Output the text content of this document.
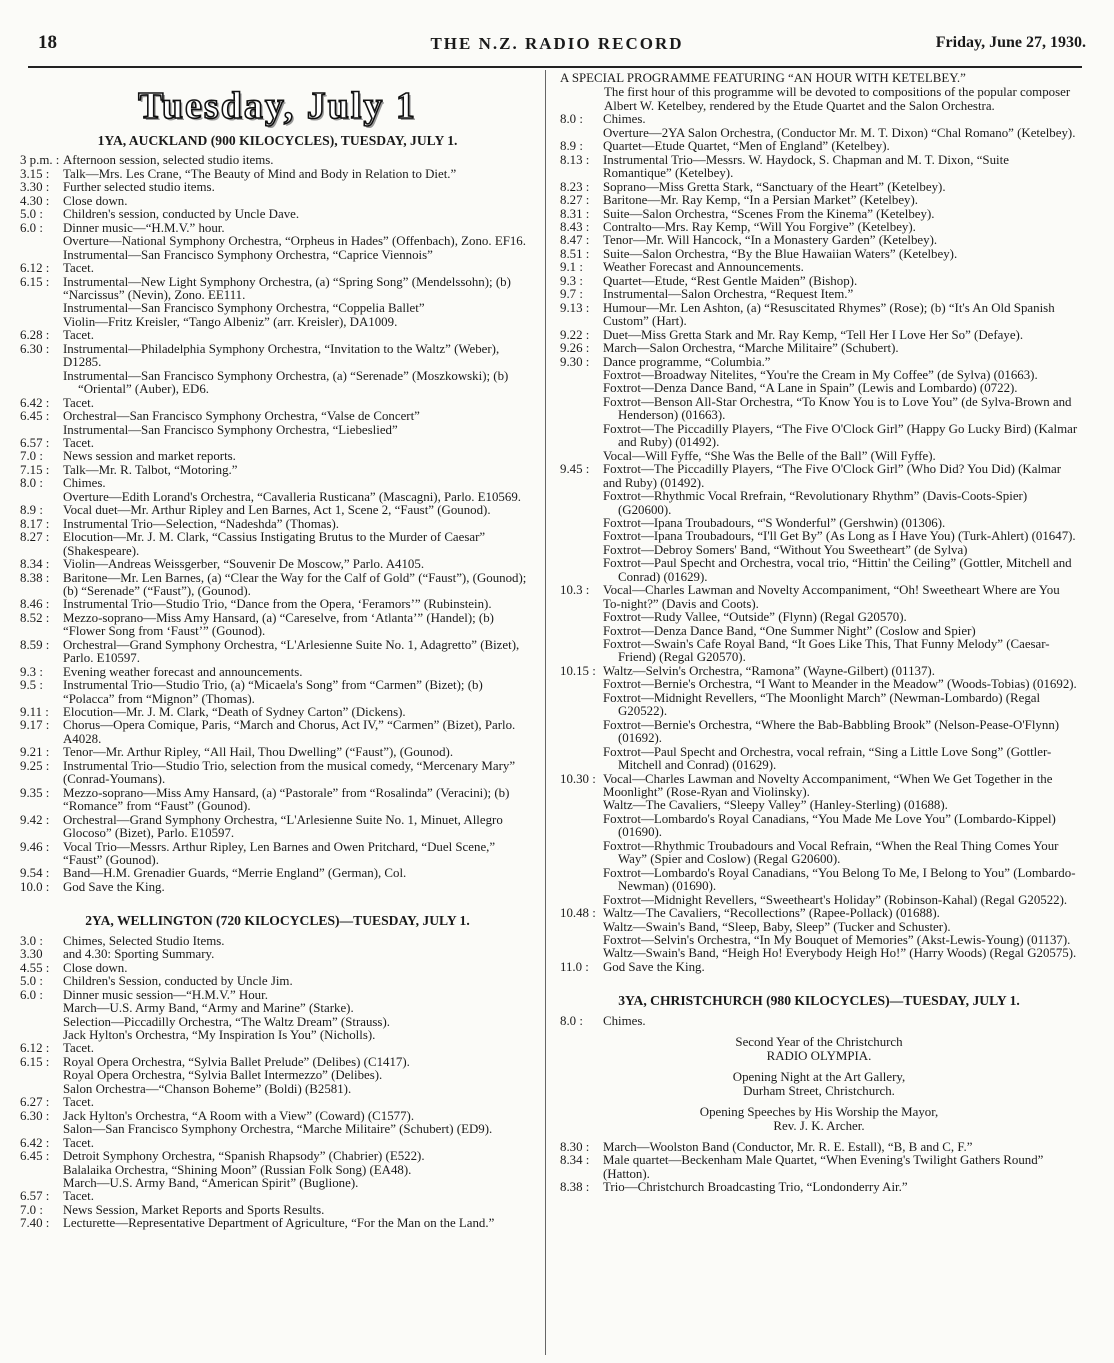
18	THE N.Z. RADIO RECORD	Friday, June 27, 1930.
Tuesday, July 1
1YA, AUCKLAND (900 KILOCYCLES), TUESDAY, JULY 1.
3 p.m. : Afternoon session, selected studio items.
3.15 : Talk—Mrs. Les Crane, “The Beauty of Mind and Body in Relation to Diet.”
3.30 : Further selected studio items.
4.30 : Close down.
5.0 : Children's session, conducted by Uncle Dave.
6.0 : Dinner music—“H.M.V.” hour.
Overture—National Symphony Orchestra, “Orpheus in Hades” (Offenbach), Zono. EF16.
Instrumental—San Francisco Symphony Orchestra, “Caprice Viennois”
6.12 : Tacet.
6.15 : Instrumental—New Light Symphony Orchestra, (a) “Spring Song” (Mendelssohn); (b) “Narcissus” (Nevin), Zono. EE111.
Instrumental—San Francisco Symphony Orchestra, “Coppelia Ballet”
Violin—Fritz Kreisler, “Tango Albeniz” (arr. Kreisler), DA1009.
6.28 : Tacet.
6.30 : Instrumental—Philadelphia Symphony Orchestra, “Invitation to the Waltz” (Weber), D1285.
Instrumental—San Francisco Symphony Orchestra, (a) “Serenade” (Moszkowski); (b) “Oriental” (Auber), ED6.
6.42 : Tacet.
6.45 : Orchestral—San Francisco Symphony Orchestra, “Valse de Concert”
Instrumental—San Francisco Symphony Orchestra, “Liebeslied”
6.57 : Tacet.
7.0 : News session and market reports.
7.15 : Talk—Mr. R. Talbot, “Motoring.”
8.0 : Chimes.
Overture—Edith Lorand's Orchestra, “Cavalleria Rusticana” (Mascagni), Parlo. E10569.
8.9 : Vocal duet—Mr. Arthur Ripley and Len Barnes, Act 1, Scene 2, “Faust” (Gounod).
8.17 : Instrumental Trio—Selection, “Nadeshda” (Thomas).
8.27 : Elocution—Mr. J. M. Clark, “Cassius Instigating Brutus to the Murder of Caesar” (Shakespeare).
8.34 : Violin—Andreas Weissgerber, “Souvenir De Moscow,” Parlo. A4105.
8.38 : Baritone—Mr. Len Barnes, (a) “Clear the Way for the Calf of Gold” (“Faust”), (Gounod); (b) “Serenade” (“Faust”), (Gounod).
8.46 : Instrumental Trio—Studio Trio, “Dance from the Opera, ‘Feramors’” (Rubinstein).
8.52 : Mezzo-soprano—Miss Amy Hansard, (a) “Careselve, from ‘Atlanta’” (Handel); (b) “Flower Song from ‘Faust’” (Gounod).
8.59 : Orchestral—Grand Symphony Orchestra, “L'Arlesienne Suite No. 1, Adagretto” (Bizet), Parlo. E10597.
9.3 : Evening weather forecast and announcements.
9.5 : Instrumental Trio—Studio Trio, (a) “Micaela's Song” from “Carmen” (Bizet); (b) “Polacca” from “Mignon” (Thomas).
9.11 : Elocution—Mr. J. M. Clark, “Death of Sydney Carton” (Dickens).
9.17 : Chorus—Opera Comique, Paris, “March and Chorus, Act IV,” “Carmen” (Bizet), Parlo. A4028.
9.21 : Tenor—Mr. Arthur Ripley, “All Hail, Thou Dwelling” (“Faust”), (Gounod).
9.25 : Instrumental Trio—Studio Trio, selection from the musical comedy, “Mercenary Mary” (Conrad-Youmans).
9.35 : Mezzo-soprano—Miss Amy Hansard, (a) “Pastorale” from “Rosalinda” (Veracini); (b) “Romance” from “Faust” (Gounod).
9.42 : Orchestral—Grand Symphony Orchestra, “L'Arlesienne Suite No. 1, Minuet, Allegro Glocoso” (Bizet), Parlo. E10597.
9.46 : Vocal Trio—Messrs. Arthur Ripley, Len Barnes and Owen Pritchard, “Duel Scene,” “Faust” (Gounod).
9.54 : Band—H.M. Grenadier Guards, “Merrie England” (German), Col.
10.0 : God Save the King.
2YA, WELLINGTON (720 KILOCYCLES)—TUESDAY, JULY 1.
3.0 : Chimes, Selected Studio Items.
3.30 and 4.30: Sporting Summary.
4.55 : Close down.
5.0 : Children's Session, conducted by Uncle Jim.
6.0 : Dinner music session—“H.M.V.” Hour.
March—U.S. Army Band, “Army and Marine” (Starke).
Selection—Piccadilly Orchestra, “The Waltz Dream” (Strauss).
Jack Hylton's Orchestra, “My Inspiration Is You” (Nicholls).
6.12 : Tacet.
6.15 : Royal Opera Orchestra, “Sylvia Ballet Prelude” (Delibes) (C1417).
Royal Opera Orchestra, “Sylvia Ballet Intermezzo” (Delibes).
Salon Orchestra—“Chanson Boheme” (Boldi) (B2581).
6.27 : Tacet.
6.30 : Jack Hylton's Orchestra, “A Room with a View” (Coward) (C1577).
Salon—San Francisco Symphony Orchestra, “Marche Militaire” (Schubert) (ED9).
6.42 : Tacet.
6.45 : Detroit Symphony Orchestra, “Spanish Rhapsody” (Chabrier) (E522).
Balalaika Orchestra, “Shining Moon” (Russian Folk Song) (EA48).
March—U.S. Army Band, “American Spirit” (Buglione).
6.57 : Tacet.
7.0 : News Session, Market Reports and Sports Results.
7.40 : Lecturette—Representative Department of Agriculture, “For the Man on the Land.”
A SPECIAL PROGRAMME FEATURING “AN HOUR WITH KETELBEY.”
The first hour of this programme will be devoted to compositions of the popular composer Albert W. Ketelbey, rendered by the Etude Quartet and the Salon Orchestra.
8.0 : Chimes.
Overture—2YA Salon Orchestra, (Conductor Mr. M. T. Dixon) “Chal Romano” (Ketelbey).
8.9 : Quartet—Etude Quartet, “Men of England” (Ketelbey).
8.13 : Instrumental Trio—Messrs. W. Haydock, S. Chapman and M. T. Dixon, “Suite Romantique” (Ketelbey).
8.23 : Soprano—Miss Gretta Stark, “Sanctuary of the Heart” (Ketelbey).
8.27 : Baritone—Mr. Ray Kemp, “In a Persian Market” (Ketelbey).
8.31 : Suite—Salon Orchestra, “Scenes From the Kinema” (Ketelbey).
8.43 : Contralto—Mrs. Ray Kemp, “Will You Forgive” (Ketelbey).
8.47 : Tenor—Mr. Will Hancock, “In a Monastery Garden” (Ketelbey).
8.51 : Suite—Salon Orchestra, “By the Blue Hawaiian Waters” (Ketelbey).
9.1 : Weather Forecast and Announcements.
9.3 : Quartet—Etude, “Rest Gentle Maiden” (Bishop).
9.7 : Instrumental—Salon Orchestra, “Request Item.”
9.13 : Humour—Mr. Len Ashton, (a) “Resuscitated Rhymes” (Rose); (b) “It's An Old Spanish Custom” (Hart).
9.22 : Duet—Miss Gretta Stark and Mr. Ray Kemp, “Tell Her I Love Her So” (Defaye).
9.26 : March—Salon Orchestra, “Marche Militaire” (Schubert).
9.30 : Dance programme, “Columbia.”
Foxtrot—Broadway Nitelites, “You're the Cream in My Coffee” (de Sylva) (01663).
Foxtrot—Denza Dance Band, “A Lane in Spain” (Lewis and Lombardo) (0722).
Foxtrot—Benson All-Star Orchestra, “To Know You is to Love You” (de Sylva-Brown and Henderson) (01663).
Foxtrot—The Piccadilly Players, “The Five O'Clock Girl” (Happy Go Lucky Bird) (Kalmar and Ruby) (01492).
Vocal—Will Fyffe, “She Was the Belle of the Ball” (Will Fyffe).
9.45 : Foxtrot—The Piccadilly Players, “The Five O'Clock Girl” (Who Did? You Did) (Kalmar and Ruby) (01492).
Foxtrot—Rhythmic Vocal Rrefrain, “Revolutionary Rhythm” (Davis-Coots-Spier) (G20600).
Foxtrot—Ipana Troubadours, “'S Wonderful” (Gershwin) (01306).
Foxtrot—Ipana Troubadours, “I'll Get By” (As Long as I Have You) (Turk-Ahlert) (01647).
Foxtrot—Debroy Somers' Band, “Without You Sweetheart” (de Sylva)
Foxtrot—Paul Specht and Orchestra, vocal trio, “Hittin' the Ceiling” (Gottler, Mitchell and Conrad) (01629).
10.3 : Vocal—Charles Lawman and Novelty Accompaniment, “Oh! Sweetheart Where are You To-night?” (Davis and Coots).
Foxtrot—Rudy Vallee, “Outside” (Flynn) (Regal G20570).
Foxtrot—Denza Dance Band, “One Summer Night” (Coslow and Spier)
Foxtrot—Swain's Cafe Royal Band, “It Goes Like This, That Funny Melody” (Caesar-Friend) (Regal G20570).
10.15 : Waltz—Selvin's Orchestra, “Ramona” (Wayne-Gilbert) (01137).
Foxtrot—Bernie's Orchestra, “I Want to Meander in the Meadow” (Woods-Tobias) (01692).
Foxtrot—Midnight Revellers, “The Moonlight March” (Newman-Lombardo) (Regal G20522).
Foxtrot—Bernie's Orchestra, “Where the Bab-Babbling Brook” (Nelson-Pease-O'Flynn) (01692).
Foxtrot—Paul Specht and Orchestra, vocal refrain, “Sing a Little Love Song” (Gottler-Mitchell and Conrad) (01629).
10.30 : Vocal—Charles Lawman and Novelty Accompaniment, “When We Get Together in the Moonlight” (Rose-Ryan and Violinsky).
Waltz—The Cavaliers, “Sleepy Valley” (Hanley-Sterling) (01688).
Foxtrot—Lombardo's Royal Canadians, “You Made Me Love You” (Lombardo-Kippel) (01690).
Foxtrot—Rhythmic Troubadours and Vocal Refrain, “When the Real Thing Comes Your Way” (Spier and Coslow) (Regal G20600).
Foxtrot—Lombardo's Royal Canadians, “You Belong To Me, I Belong to You” (Lombardo-Newman) (01690).
Foxtrot—Midnight Revellers, “Sweetheart's Holiday” (Robinson-Kahal) (Regal G20522).
10.48 : Waltz—The Cavaliers, “Recollections” (Rapee-Pollack) (01688).
Waltz—Swain's Band, “Sleep, Baby, Sleep” (Tucker and Schuster).
Foxtrot—Selvin's Orchestra, “In My Bouquet of Memories” (Akst-Lewis-Young) (01137).
Waltz—Swain's Band, “Heigh Ho! Everybody Heigh Ho!” (Harry Woods) (Regal G20575).
11.0 : God Save the King.
3YA, CHRISTCHURCH (980 KILOCYCLES)—TUESDAY, JULY 1.
8.0 : Chimes.
Second Year of the Christchurch
RADIO OLYMPIA.
Opening Night at the Art Gallery,
Durham Street, Christchurch.
Opening Speeches by His Worship the Mayor,
Rev. J. K. Archer.
8.30 : March—Woolston Band (Conductor, Mr. R. E. Estall), “B, B and C, F.”
8.34 : Male quartet—Beckenham Male Quartet, “When Evening's Twilight Gathers Round” (Hatton).
8.38 : Trio—Christchurch Broadcasting Trio, “Londonderry Air.”
